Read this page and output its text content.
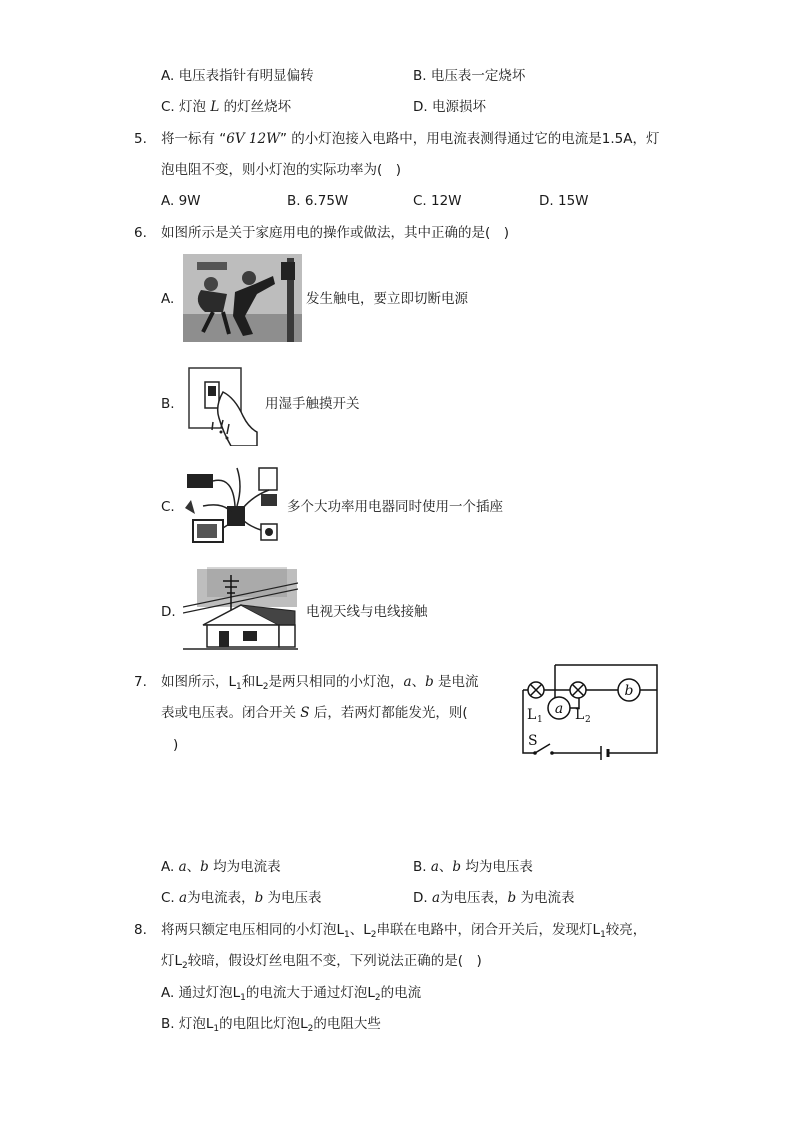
A. 电压表指针有明显偏转	B. 电压表一定烧坏
C. 灯泡 L 的灯丝烧坏	D. 电源损坏
5. 将一标有 “6V 12W” 的小灯泡接入电路中，用电流表测得通过它的电流是1.5A，灯
泡电阻不变，则小灯泡的实际功率为(　)
A. 9W	B. 6.75W	C. 12W	D. 15W
6. 如图所示是关于家庭用电的操作或做法，其中正确的是(　)
A.	发生触电，要立即切断电源
B.	用湿手触摸开关
C.	多个大功率用电器同时使用一个插座
D.	电视天线与电线接触
7. 如图所示，$L_1$和$L_2$是两只相同的小灯泡，a、b 是电流
表或电压表。闭合开关 S 后，若两灯都能发光，则(
)
a
b
L 1 L 2
S
A. a、b 均为电流表	B. a、b 均为电压表
C. a为电流表，b 为电压表	D. a为电压表，b 为电流表
8. 将两只额定电压相同的小灯泡$L_1$、$L_2$串联在电路中，闭合开关后，发现灯$L_1$较亮，
灯$L_2$较暗，假设灯丝电阻不变，下列说法正确的是(　)
A. 通过灯泡$L_1$的电流大于通过灯泡$L_2$的电流
B. 灯泡$L_1$的电阻比灯泡$L_2$的电阻大些
